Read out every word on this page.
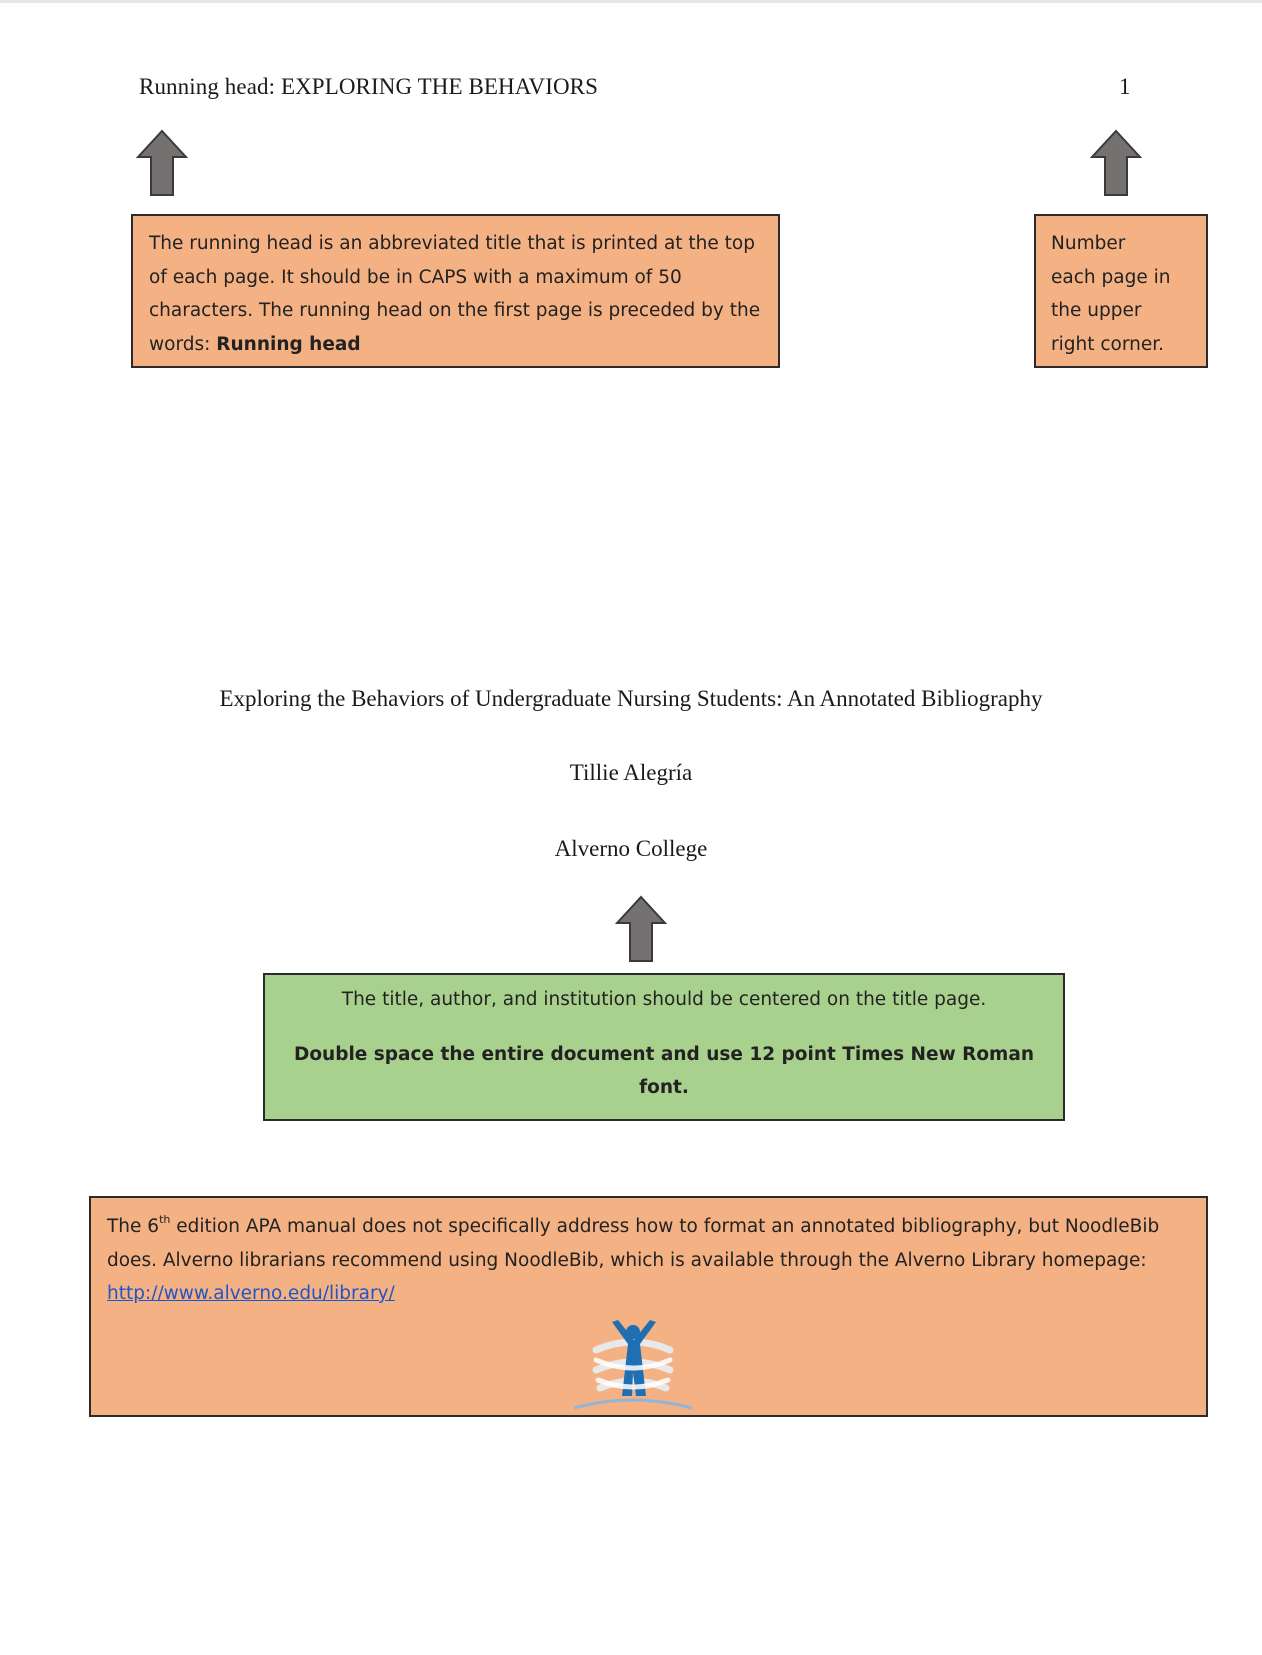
Running head: EXPLORING THE BEHAVIORS	1
The running head is an abbreviated title that is printed at the top of each page. It should be in CAPS with a maximum of 50 characters. The running head on the first page is preceded by the words: Running head
Number
each page in
the upper
right corner.
Exploring the Behaviors of Undergraduate Nursing Students: An Annotated Bibliography
Tillie Alegría
Alverno College

The title, author, and institution should be centered on the title page.

Double space the entire document and use 12 point Times New Roman font.

The 6th edition APA manual does not specifically address how to format an annotated bibliography, but NoodleBib does. Alverno librarians recommend using NoodleBib, which is available through the Alverno Library homepage: http://www.alverno.edu/library/
